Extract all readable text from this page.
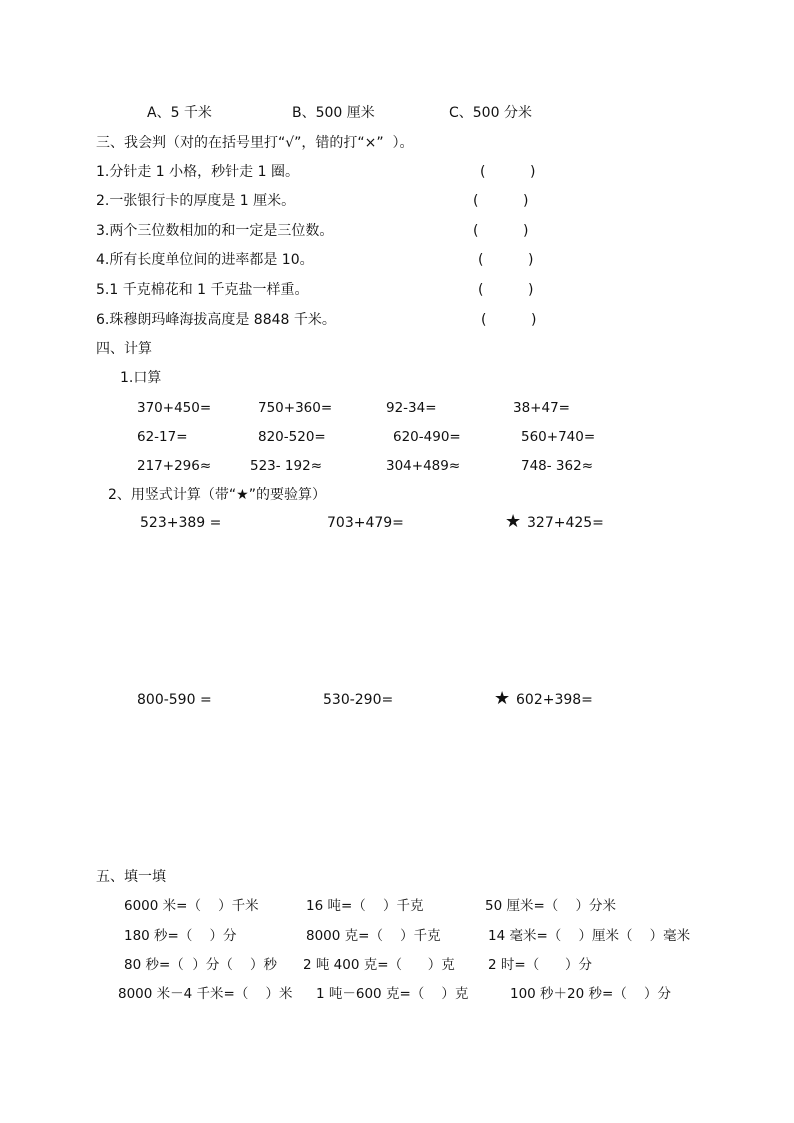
A、5 千米	B、500 厘米	C、500 分米
三、我会判（对的在括号里打“√”，错的打“×”  ）。
1.分针走 1 小格，秒针走 1 圈。	(          )
2.一张银行卡的厚度是 1 厘米。	(          )
3.两个三位数相加的和一定是三位数。	(          )
4.所有长度单位间的进率都是 10。	(          )
5.1 千克棉花和 1 千克盐一样重。	(          )
6.珠穆朗玛峰海拔高度是 8848 千米。	(          )
四、计算
1.口算
370+450=	750+360=	92-34=	38+47=
62-17=	820-520=	620-490=	560+740=
217+296≈	523- 192≈	304+489≈	748- 362≈
2、用竖式计算（带“★”的要验算）
523+389 =	703+479=	★ 327+425=
800-590 =	530-290=	★ 602+398=
五、填一填
6000 米=（    ）千米	16 吨=（    ）千克	50 厘米=（    ）分米
180 秒=（    ）分	8000 克=（    ）千克	14 毫米=（    ）厘米（    ）毫米
80 秒=（  ）分（    ）秒 2 吨 400 克=（      ）克 2 时=（      ）分
8000 米－4 千米=（    ）米 1 吨－600 克=（    ）克	100 秒＋20 秒=（    ）分
